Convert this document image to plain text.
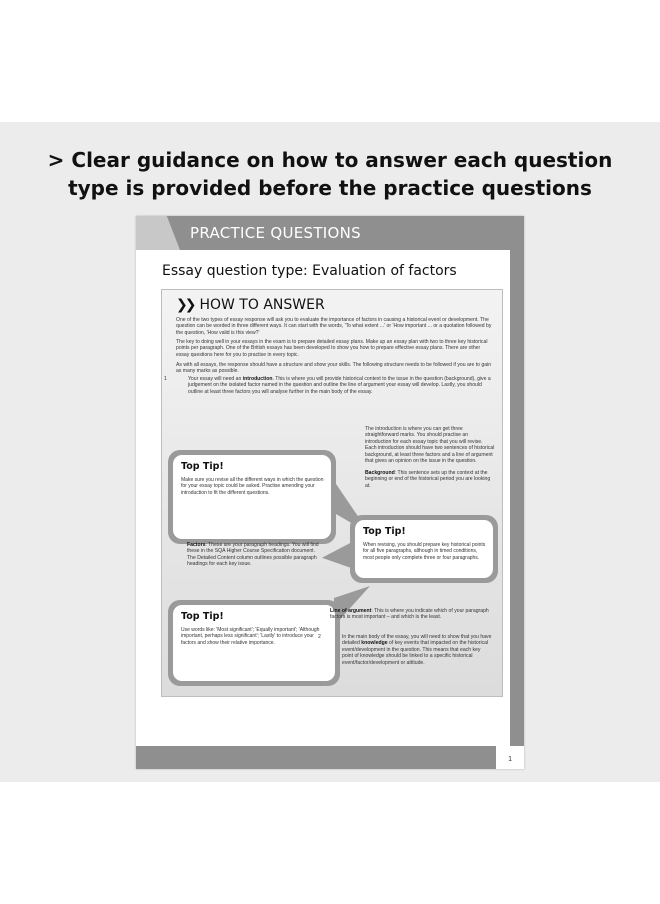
> Clear guidance on how to answer each question
type is provided before the practice questions
PRACTICE QUESTIONS
Essay question type: Evaluation of factors
❯❯ HOW TO ANSWER
One of the two types of essay response will ask you to evaluate the importance of factors in causing a historical event or development. The question can be worded in three different ways. It can start with the words, 'To what extent ...' or 'How important ... or a quotation followed by the question, 'How valid is this view?'
The key to doing well in your essays in the exam is to prepare detailed essay plans. Make up an essay plan with two to three key historical points per paragraph. One of the British essays has been developed to show you how to prepare effective essay plans. There are other essay questions here for you to practise in every topic.
As with all essays, the response should have a structure and show your skills. The following structure needs to be followed if you are to gain as many marks as possible.
1	Your essay will need an introduction. This is where you will provide historical context to the issue in the question (background), give a judgement on the isolated factor named in the question and outline the line of argument your essay will develop. Lastly, you should outline at least three factors you will analyse further in the main body of the essay.
The introduction is where you can get three straightforward marks. You should practise an introduction for each essay topic that you will revise. Each introduction should have two sentences of historical background, at least three factors and a line of argument that gives an opinion on the issue in the question.
Background: This sentence sets up the context at the beginning or end of the historical period you are looking at.
Top Tip!
Make sure you revise all the different ways in which the question for your essay topic could be asked. Practise amending your introduction to fit the different questions.
Top Tip!
When revising, you should prepare key historical points for all five paragraphs, although in timed conditions, most people only complete three or four paragraphs.
Factors: These are your paragraph headings. You will find these in the SQA Higher Course Specification document. The Detailed Content column outlines possible paragraph headings for each key issue.
Top Tip!
Use words like: 'Most significant'; 'Equally important'; 'Although important, perhaps less significant'; 'Lastly' to introduce your factors and show their relative importance.
Line of argument: This is where you indicate which of your paragraph factors is most important – and which is the least.
2	In the main body of the essay, you will need to show that you have detailed knowledge of key events that impacted on the historical event/development in the question. This means that each key point of knowledge should be linked to a specific historical event/factor/development or attitude.
1
